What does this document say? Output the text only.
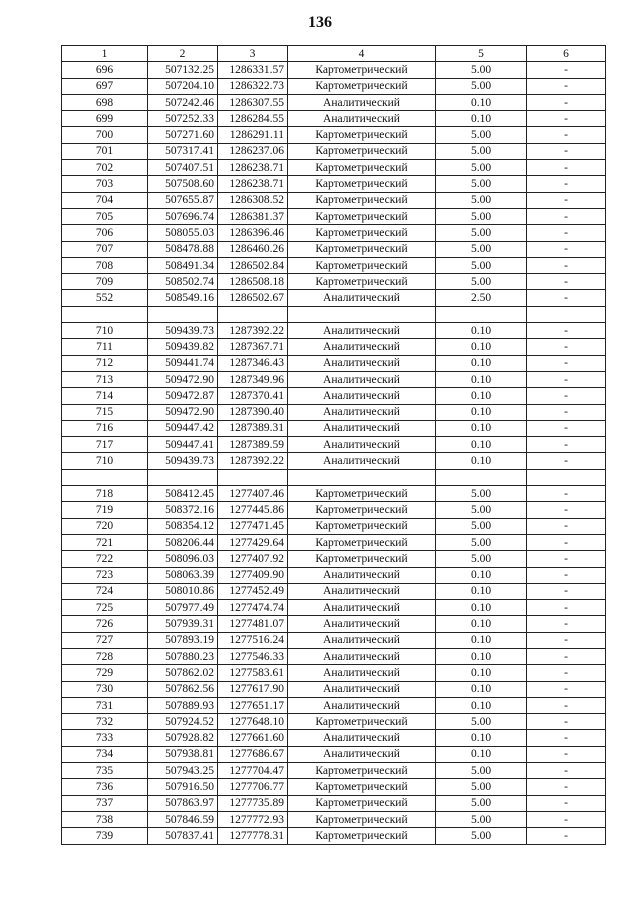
136
1	2	3	4	5	6
696	507132.25	1286331.57	Картометрический	5.00	-
697	507204.10	1286322.73	Картометрический	5.00	-
698	507242.46	1286307.55	Аналитический	0.10	-
699	507252.33	1286284.55	Аналитический	0.10	-
700	507271.60	1286291.11	Картометрический	5.00	-
701	507317.41	1286237.06	Картометрический	5.00	-
702	507407.51	1286238.71	Картометрический	5.00	-
703	507508.60	1286238.71	Картометрический	5.00	-
704	507655.87	1286308.52	Картометрический	5.00	-
705	507696.74	1286381.37	Картометрический	5.00	-
706	508055.03	1286396.46	Картометрический	5.00	-
707	508478.88	1286460.26	Картометрический	5.00	-
708	508491.34	1286502.84	Картометрический	5.00	-
709	508502.74	1286508.18	Картометрический	5.00	-
552	508549.16	1286502.67	Аналитический	2.50	-

710	509439.73	1287392.22	Аналитический	0.10	-
711	509439.82	1287367.71	Аналитический	0.10	-
712	509441.74	1287346.43	Аналитический	0.10	-
713	509472.90	1287349.96	Аналитический	0.10	-
714	509472.87	1287370.41	Аналитический	0.10	-
715	509472.90	1287390.40	Аналитический	0.10	-
716	509447.42	1287389.31	Аналитический	0.10	-
717	509447.41	1287389.59	Аналитический	0.10	-
710	509439.73	1287392.22	Аналитический	0.10	-

718	508412.45	1277407.46	Картометрический	5.00	-
719	508372.16	1277445.86	Картометрический	5.00	-
720	508354.12	1277471.45	Картометрический	5.00	-
721	508206.44	1277429.64	Картометрический	5.00	-
722	508096.03	1277407.92	Картометрический	5.00	-
723	508063.39	1277409.90	Аналитический	0.10	-
724	508010.86	1277452.49	Аналитический	0.10	-
725	507977.49	1277474.74	Аналитический	0.10	-
726	507939.31	1277481.07	Аналитический	0.10	-
727	507893.19	1277516.24	Аналитический	0.10	-
728	507880.23	1277546.33	Аналитический	0.10	-
729	507862.02	1277583.61	Аналитический	0.10	-
730	507862.56	1277617.90	Аналитический	0.10	-
731	507889.93	1277651.17	Аналитический	0.10	-
732	507924.52	1277648.10	Картометрический	5.00	-
733	507928.82	1277661.60	Аналитический	0.10	-
734	507938.81	1277686.67	Аналитический	0.10	-
735	507943.25	1277704.47	Картометрический	5.00	-
736	507916.50	1277706.77	Картометрический	5.00	-
737	507863.97	1277735.89	Картометрический	5.00	-
738	507846.59	1277772.93	Картометрический	5.00	-
739	507837.41	1277778.31	Картометрический	5.00	-
